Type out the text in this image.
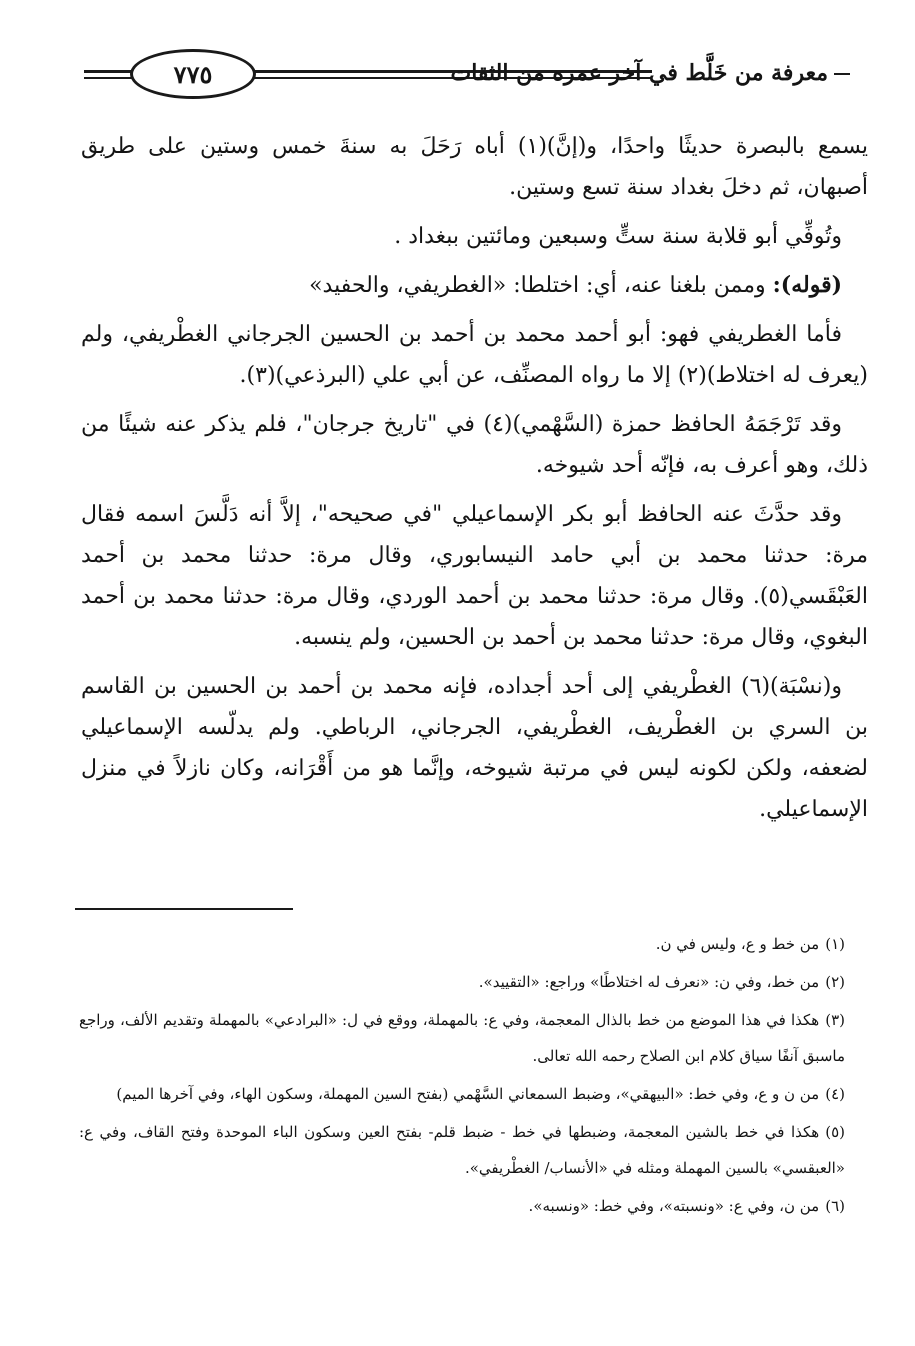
معرفة من خَلَّط في آخر عمره من الثقات
٧٧٥

يسمع بالبصرة حديثًا واحدًا، و(إنَّ)(١) أباه رَحَلَ به سنةَ خمس وستين على طريق أصبهان، ثم دخلَ بغداد سنة تسع وستين.

وتُوفِّي أبو قلابة سنة ستٍّ وسبعين ومائتين ببغداد .

(قوله): وممن بلغنا عنه، أي: اختلطا: «الغطريفي، والحفيد»

فأما الغطريفي فهو: أبو أحمد محمد بن أحمد بن الحسين الجرجاني الغطْريفي، ولم (يعرف له اختلاط)(٢) إلا ما رواه المصنِّف، عن أبي علي (البرذعي)(٣).

وقد تَرْجَمَهُ الحافظ حمزة (السَّهْمي)(٤) في "تاريخ جرجان"، فلم يذكر عنه شيئًا من ذلك، وهو أعرف به، فإنّه أحد شيوخه.

وقد حدَّثَ عنه الحافظ أبو بكر الإسماعيلي "في صحيحه"، إلاَّ أنه دَلَّسَ اسمه فقال مرة: حدثنا محمد بن أبي حامد النيسابوري، وقال مرة: حدثنا محمد بن أحمد العَبْقَسي(٥). وقال مرة: حدثنا محمد بن أحمد الوردي، وقال مرة: حدثنا محمد بن أحمد البغوي، وقال مرة: حدثنا محمد بن أحمد بن الحسين، ولم ينسبه.

و(نسْبَة)(٦) الغطْريفي إلى أحد أجداده، فإنه محمد بن أحمد بن الحسين بن القاسم بن السري بن الغطْريف، الغطْريفي، الجرجاني، الرباطي. ولم يدلّسه الإسماعيلي لضعفه، ولكن لكونه ليس في مرتبة شيوخه، وإنَّما هو من أَقْرَانه، وكان نازلاً في منزل الإسماعيلي.

(١)من خط و ع، وليس في ن.

(٢)من خط، وفي ن: «نعرف له اختلاطًا» وراجع: «التقييد».

(٣)هكذا في هذا الموضع من خط بالذال المعجمة، وفي ع: بالمهملة، ووقع في ل: «البرادعي» بالمهملة وتقديم الألف، وراجع ماسبق آنفًا سياق كلام ابن الصلاح رحمه الله تعالى.

(٤)من ن و ع، وفي خط: «البيهقي»، وضبط السمعاني السَّهْمي (بفتح السين المهملة، وسكون الهاء، وفي آخرها الميم)

(٥)هكذا في خط بالشين المعجمة، وضبطها في خط - ضبط قلم- بفتح العين وسكون الباء الموحدة وفتح القاف، وفي ع: «العبقسي» بالسين المهملة ومثله في «الأنساب/ الغطْريفي».

(٦)من ن، وفي ع: «ونسبته»، وفي خط: «ونسبه».
